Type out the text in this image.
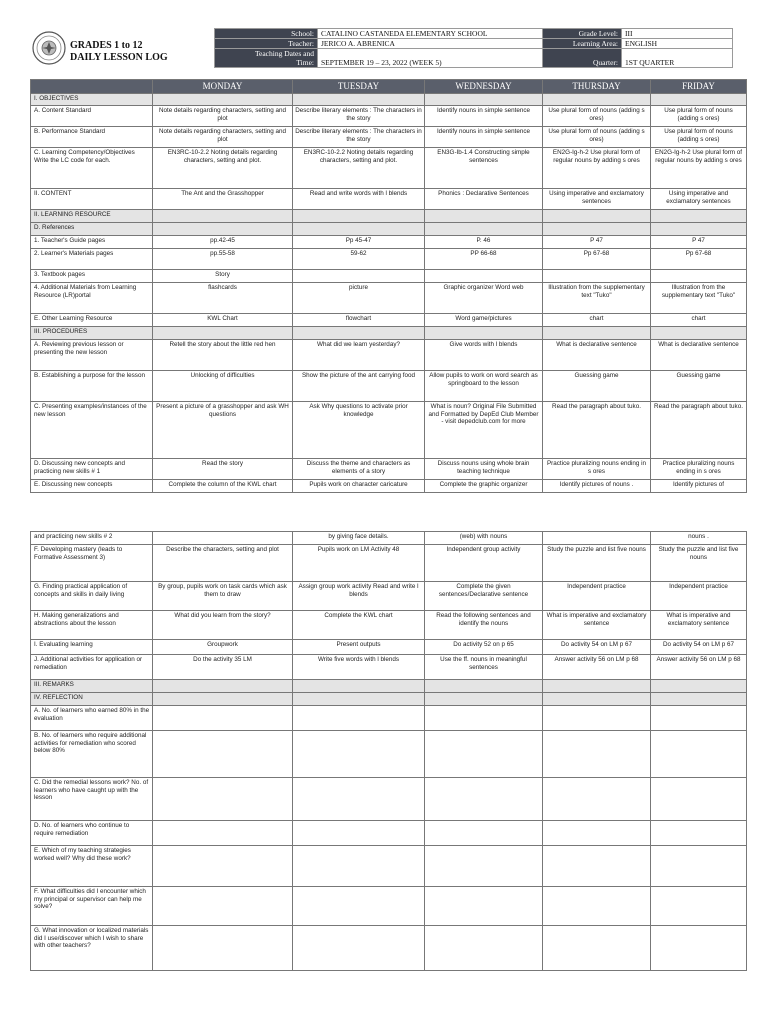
GRADES 1 to 12
DAILY LESSON LOG
School:	CATALINO CASTANEDA ELEMENTARY SCHOOL	Grade Level:	III
Teacher:	JERICO A. ABRENICA	Learning Area:	ENGLISH

Teaching Dates and
Time:	SEPTEMBER 19 – 23, 2022 (WEEK 5)	Quarter:	1ST QUARTER
	MONDAY	TUESDAY	WEDNESDAY	THURSDAY	FRIDAY
I. OBJECTIVES					
A. Content Standard	Note details regarding characters, setting and plot	Describe literary elements : The characters in the story	Identify nouns in simple sentence	Use plural form of nouns (adding s ores)	Use plural form of nouns (adding s ores)
B. Performance Standard	Note details regarding characters, setting and plot	Describe literary elements : The characters in the story	Identify nouns in simple sentence	Use plural form of nouns (adding s ores)	Use plural form of nouns (adding s ores)
C. Learning Competency/Objectives Write the LC code for each.	EN3RC-10-2.2 Noting details regarding characters, setting and plot.	EN3RC-10-2.2 Noting details regarding characters, setting and plot.	EN3G-Ib-1.4 Constructing simple sentences	EN2G-Ig-h-2 Use plural form of regular nouns by adding s ores	EN2G-Ig-h-2 Use plural form of regular nouns by adding s ores
II. CONTENT	The Ant and the Grasshopper	Read and write words with l blends	Phonics : Declarative Sentences	Using imperative and exclamatory sentences	Using imperative and exclamatory sentences
II. LEARNING RESOURCE					
D. References					
1. Teacher's Guide pages	pp.42-45	Pp 45-47	P. 46	P 47	P 47
2. Learner's Materials pages	pp.55-58	59-62	PP 66-68	Pp 67-68	Pp 67-68
3. Textbook pages	Story				
4. Additional Materials from Learning Resource (LR)portal	flashcards	picture	Graphic organizer Word web	Illustration from the supplementary text "Tuko"	Illustration from the supplementary text "Tuko"
E. Other Learning Resource	KWL Chart	flowchart	Word game/pictures	chart	chart
III. PROCEDURES					
A. Reviewing previous lesson or presenting the new lesson	Retell the story about the little red hen	What did we learn yesterday?	Give words with l blends	What is declarative sentence	What is declarative sentence
B. Establishing a purpose for the lesson	Unlocking of difficulties	Show the picture of the ant carrying food	Allow pupils to work on word search as springboard to the lesson	Guessing game	Guessing game
C. Presenting examples/instances of the new lesson	Present a picture of a grasshopper and ask WH questions	Ask Why questions to activate prior knowledge	What is noun? Original File Submitted and Formatted by DepEd Club Member - visit depedclub.com for more	Read the paragraph about tuko.	Read the paragraph about tuko.
D. Discussing new concepts and practicing new skills # 1	Read the story	Discuss the theme and characters as elements of a story	Discuss nouns using whole brain teaching technique	Practice pluralizing nouns ending in s ores	Practice pluralizing nouns ending in s ores
E. Discussing new concepts	Complete the column of the KWL chart	Pupils work on character caricature	Complete the graphic organizer	Identify pictures of nouns .	Identify pictures of
and practicing new skills # 2		by giving face details.	(web) with nouns		nouns .
F. Developing mastery (leads to Formative Assessment 3)	Describe the characters, setting and plot	Pupils work on LM Activity 48	Independent group activity	Study the puzzle and list five nouns	Study the puzzle and list five nouns
G. Finding practical application of concepts and skills in daily living	By group, pupils work on task cards which ask them to draw	Assign group work activity Read and write l blends	Complete the given sentences/Declarative sentence	Independent practice	Independent practice
H. Making generalizations and abstractions about the lesson	What did you learn from the story?	Complete the KWL chart	Read the following sentences and identify the nouns	What is imperative and exclamatory sentence	What is imperative and exclamatory sentence
I. Evaluating learning	Groupwork	Present outputs	Do activity 52 on p 65	Do activity 54 on LM p 67	Do activity 54 on LM p 67
J. Additional activities for application or remediation	Do the activity 35 LM	Write five words with l blends	Use the ff. nouns in meaningful sentences	Answer activity 56 on LM p 68	Answer activity 56 on LM p 68
III. REMARKS					
IV. REFLECTION					
A. No. of learners who earned 80% in the evaluation					
B. No. of learners who require additional activities for remediation who scored below 80%					
C. Did the remedial lessons work? No. of learners who have caught up with the lesson					
D. No. of learners who continue to require remediation					
E. Which of my teaching strategies worked well? Why did these work?					
F. What difficulties did I encounter which my principal or supervisor can help me solve?					
G. What innovation or localized materials did I use/discover which I wish to share with other teachers?					
